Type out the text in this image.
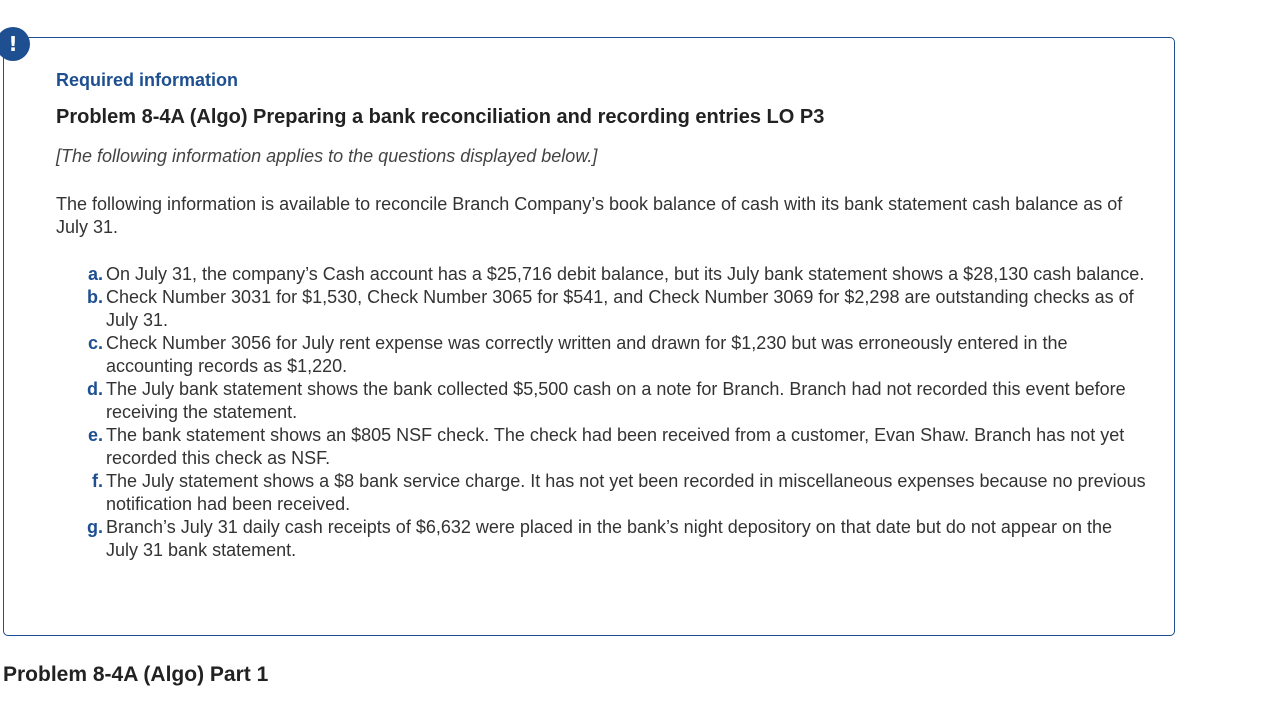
!
Required information
Problem 8-4A (Algo) Preparing a bank reconciliation and recording entries LO P3

[The following information applies to the questions displayed below.]

The following information is available to reconcile Branch Company’s book balance of cash with its bank statement cash balance as of July 31.

a. On July 31, the company’s Cash account has a $25,716 debit balance, but its July bank statement shows a $28,130 cash balance.
b. Check Number 3031 for $1,530, Check Number 3065 for $541, and Check Number 3069 for $2,298 are outstanding checks as of July 31.
c. Check Number 3056 for July rent expense was correctly written and drawn for $1,230 but was erroneously entered in the accounting records as $1,220.
d. The July bank statement shows the bank collected $5,500 cash on a note for Branch. Branch had not recorded this event before receiving the statement.
e. The bank statement shows an $805 NSF check. The check had been received from a customer, Evan Shaw. Branch has not yet recorded this check as NSF.
f. The July statement shows a $8 bank service charge. It has not yet been recorded in miscellaneous expenses because no previous notification had been received.
g. Branch’s July 31 daily cash receipts of $6,632 were placed in the bank’s night depository on that date but do not appear on the July 31 bank statement.
Problem 8-4A (Algo) Part 1
